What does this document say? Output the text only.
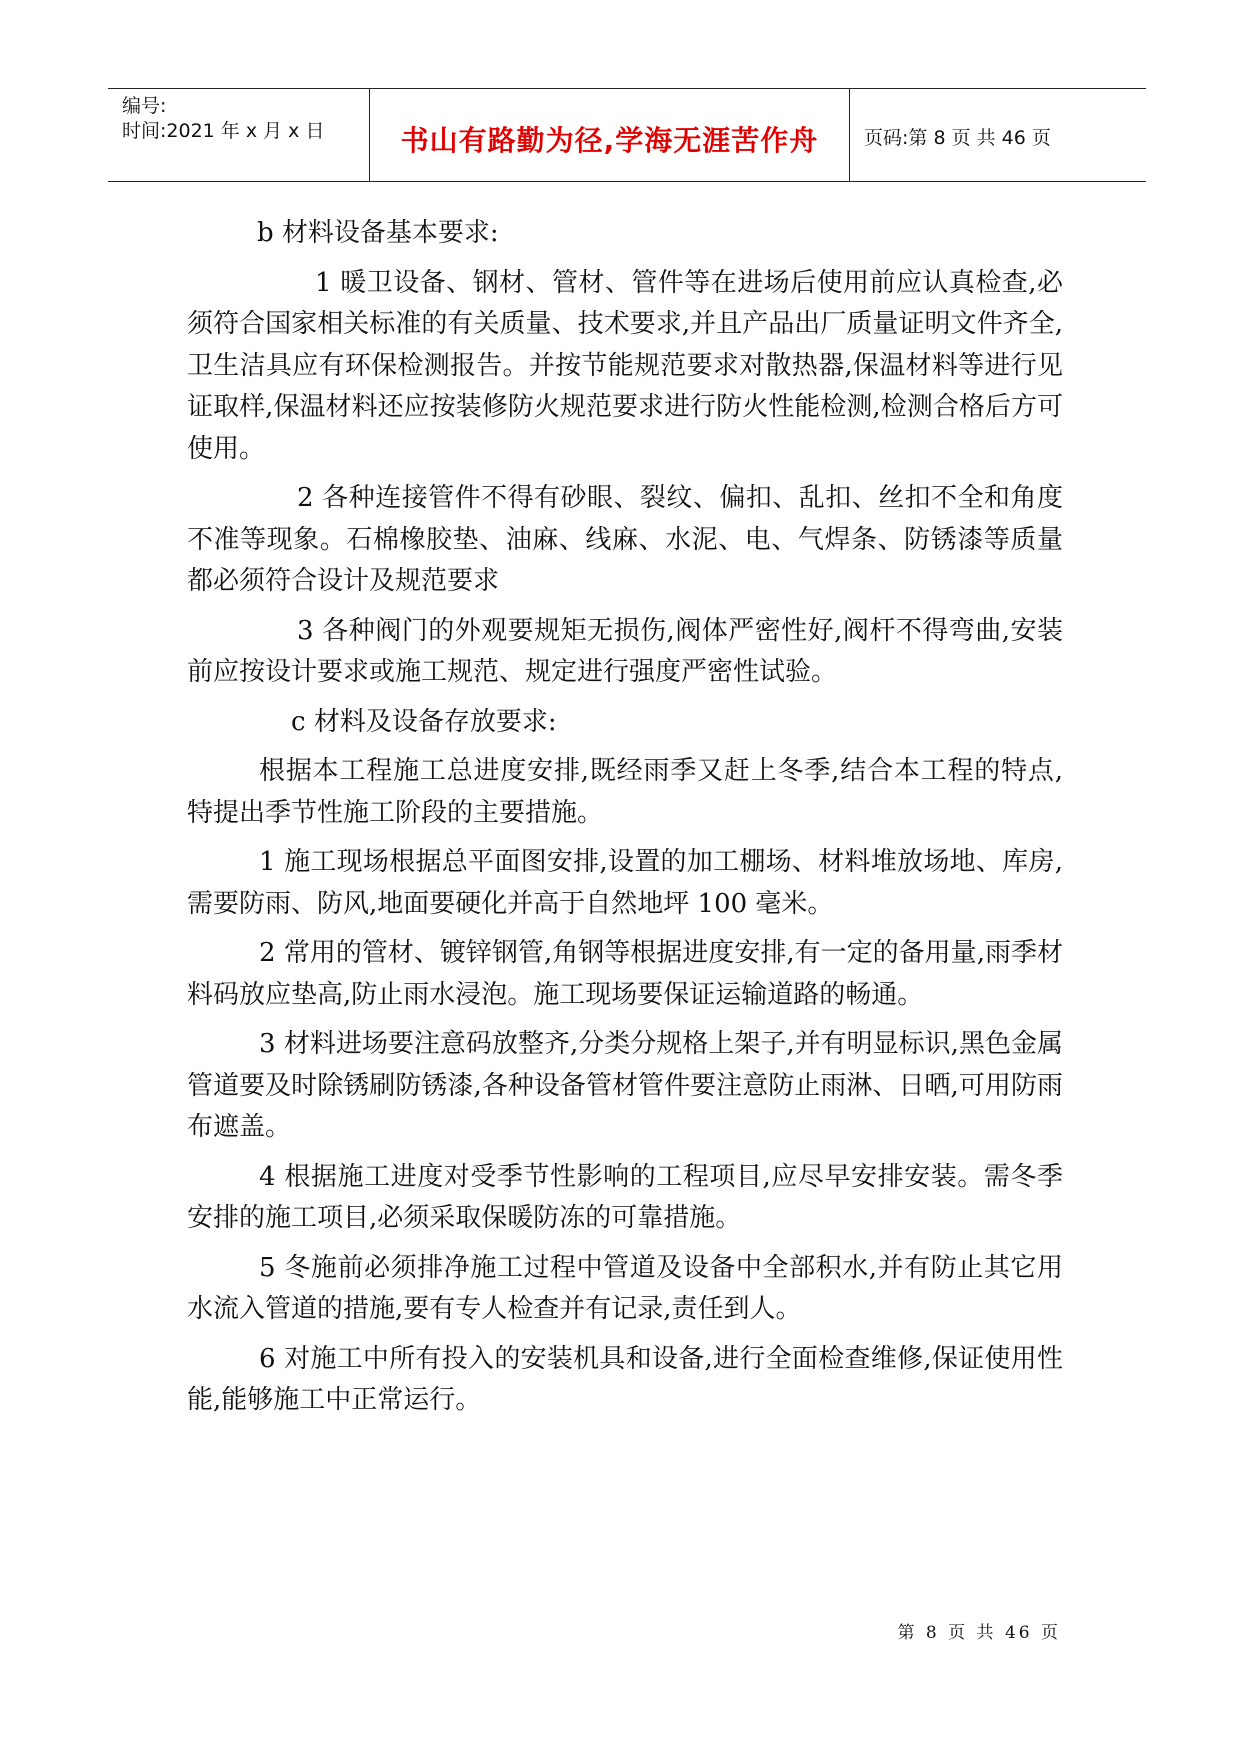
编号:
时间:2021 年 x 月 x 日	书山有路勤为径,学海无涯苦作舟	页码:第 8 页 共 46 页

b 材料设备基本要求:

1 暖卫设备、钢材、管材、管件等在进场后使用前应认真检查,必须符合国家相关标准的有关质量、技术要求,并且产品出厂质量证明文件齐全,卫生洁具应有环保检测报告。并按节能规范要求对散热器,保温材料等进行见证取样,保温材料还应按装修防火规范要求进行防火性能检测,检测合格后方可使用。

2 各种连接管件不得有砂眼、裂纹、偏扣、乱扣、丝扣不全和角度不准等现象。石棉橡胶垫、油麻、线麻、水泥、电、气焊条、防锈漆等质量都必须符合设计及规范要求

3 各种阀门的外观要规矩无损伤,阀体严密性好,阀杆不得弯曲,安装前应按设计要求或施工规范、规定进行强度严密性试验。

c 材料及设备存放要求:

根据本工程施工总进度安排,既经雨季又赶上冬季,结合本工程的特点,特提出季节性施工阶段的主要措施。

1 施工现场根据总平面图安排,设置的加工棚场、材料堆放场地、库房,需要防雨、防风,地面要硬化并高于自然地坪 100 毫米。

2 常用的管材、镀锌钢管,角钢等根据进度安排,有一定的备用量,雨季材料码放应垫高,防止雨水浸泡。施工现场要保证运输道路的畅通。

3 材料进场要注意码放整齐,分类分规格上架子,并有明显标识,黑色金属管道要及时除锈刷防锈漆,各种设备管材管件要注意防止雨淋、日晒,可用防雨布遮盖。

4 根据施工进度对受季节性影响的工程项目,应尽早安排安装。需冬季安排的施工项目,必须采取保暖防冻的可靠措施。

5 冬施前必须排净施工过程中管道及设备中全部积水,并有防止其它用水流入管道的措施,要有专人检查并有记录,责任到人。

6 对施工中所有投入的安装机具和设备,进行全面检查维修,保证使用性能,能够施工中正常运行。

第 8 页 共 46 页
